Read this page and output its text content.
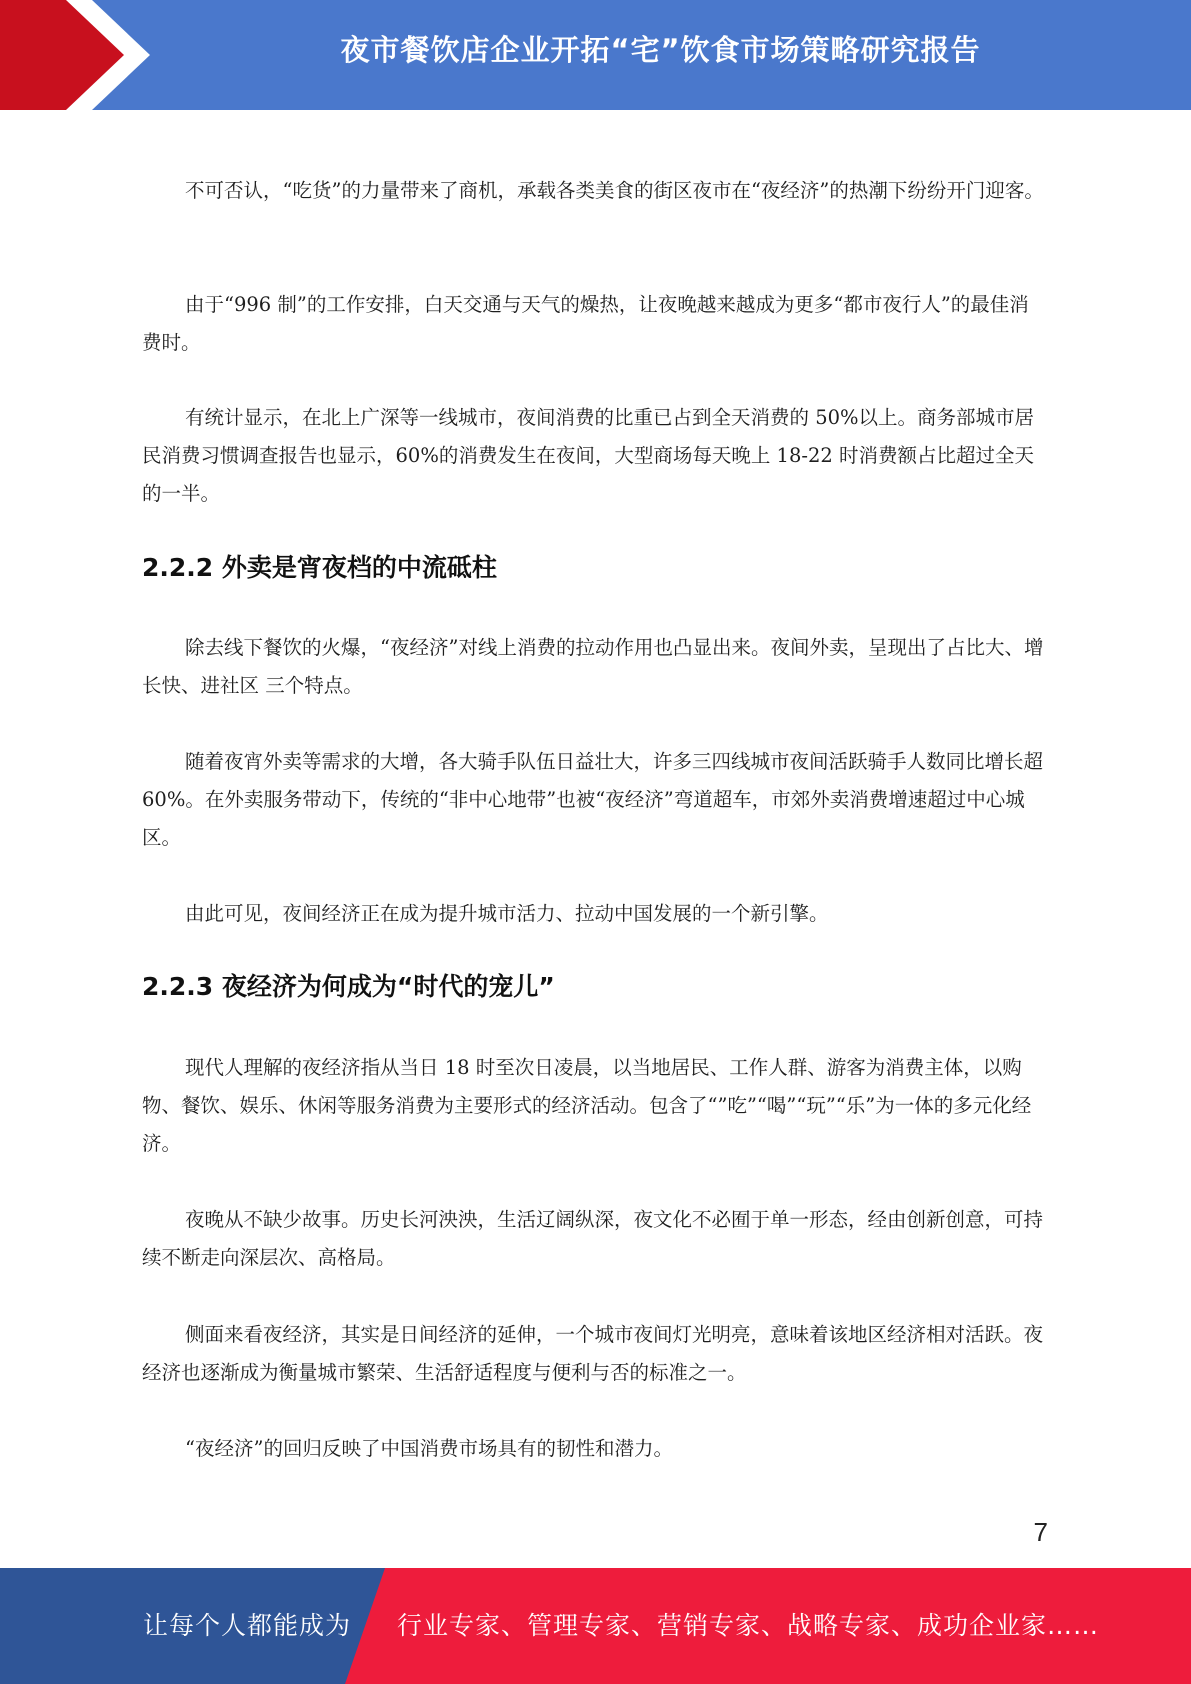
夜市餐饮店企业开拓“宅”饮食市场策略研究报告

不可否认，“吃货”的力量带来了商机，承载各类美食的街区夜市在“夜经济”的热潮下纷纷开门迎客。

由于“996 制”的工作安排，白天交通与天气的燥热，让夜晚越来越成为更多“都市夜行人”的最佳消费时。

有统计显示，在北上广深等一线城市，夜间消费的比重已占到全天消费的 50%以上。商务部城市居民消费习惯调查报告也显示，60%的消费发生在夜间，大型商场每天晚上 18-22 时消费额占比超过全天的一半。

2.2.2 外卖是宵夜档的中流砥柱

除去线下餐饮的火爆，“夜经济”对线上消费的拉动作用也凸显出来。夜间外卖，呈现出了占比大、增长快、进社区 三个特点。

随着夜宵外卖等需求的大增，各大骑手队伍日益壮大，许多三四线城市夜间活跃骑手人数同比增长超 60%。在外卖服务带动下，传统的“非中心地带”也被“夜经济”弯道超车，市郊外卖消费增速超过中心城区。

由此可见，夜间经济正在成为提升城市活力、拉动中国发展的一个新引擎。

2.2.3 夜经济为何成为“时代的宠儿”

现代人理解的夜经济指从当日 18 时至次日凌晨，以当地居民、工作人群、游客为消费主体，以购物、餐饮、娱乐、休闲等服务消费为主要形式的经济活动。包含了“”吃”“喝”“玩”“乐”为一体的多元化经济。

夜晚从不缺少故事。历史长河泱泱，生活辽阔纵深，夜文化不必囿于单一形态，经由创新创意，可持续不断走向深层次、高格局。

侧面来看夜经济，其实是日间经济的延伸，一个城市夜间灯光明亮，意味着该地区经济相对活跃。夜经济也逐渐成为衡量城市繁荣、生活舒适程度与便利与否的标准之一。

“夜经济”的回归反映了中国消费市场具有的韧性和潜力。

7
让每个人都能成为 行业专家、管理专家、营销专家、战略专家、成功企业家……
